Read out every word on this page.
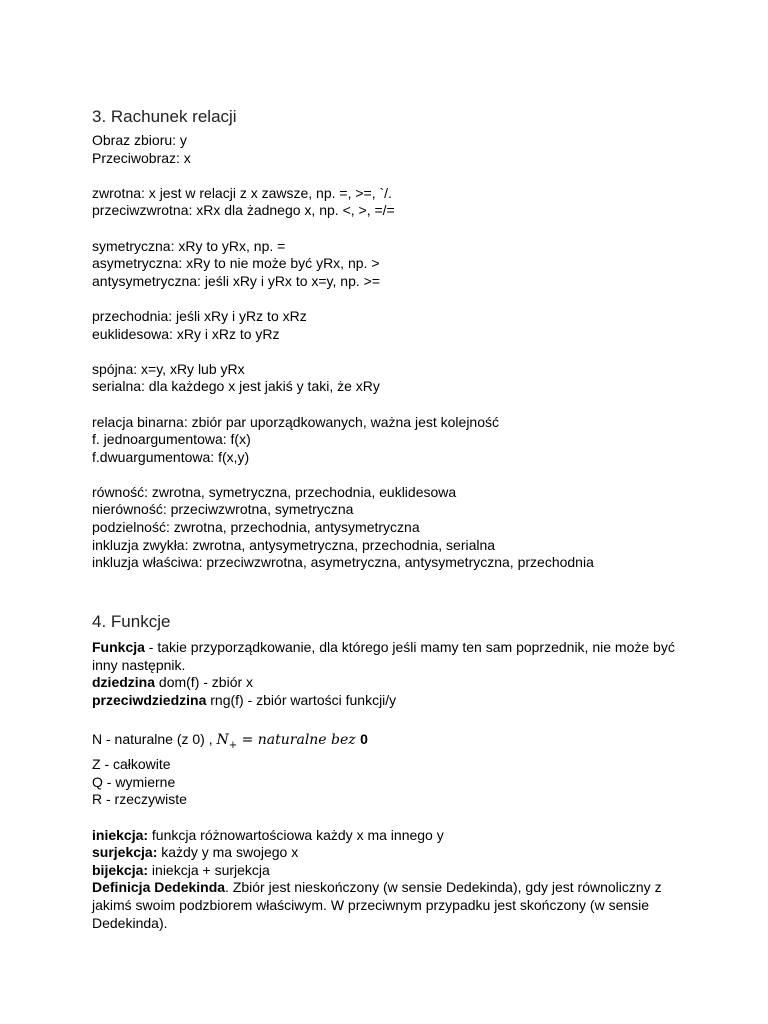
3. Rachunek relacji
Obraz zbioru: y
Przeciwobraz: x
zwrotna: x jest w relacji z x zawsze, np. =, >=, `/.
przeciwzwrotna: xRx dla żadnego x, np. <, >, =/=
symetryczna: xRy to yRx, np. =
asymetryczna: xRy to nie może być yRx, np. >
antysymetryczna: jeśli xRy i yRx to x=y, np. >=
przechodnia: jeśli xRy i yRz to xRz
euklidesowa: xRy i xRz to yRz
spójna: x=y, xRy lub yRx
serialna: dla każdego x jest jakiś y taki, że xRy
relacja binarna: zbiór par uporządkowanych, ważna jest kolejność
f. jednoargumentowa: f(x)
f.dwuargumentowa: f(x,y)
równość: zwrotna, symetryczna, przechodnia, euklidesowa
nierówność: przeciwzwrotna, symetryczna
podzielność: zwrotna, przechodnia, antysymetryczna
inkluzja zwykła: zwrotna, antysymetryczna, przechodnia, serialna
inkluzja właściwa: przeciwzwrotna, asymetryczna, antysymetryczna, przechodnia
4. Funkcje
Funkcja - takie przyporządkowanie, dla którego jeśli mamy ten sam poprzednik, nie może być inny następnik.
dziedzina dom(f) - zbiór x
przeciwdziedzina rng(f) - zbiór wartości funkcji/y
N - naturalne (z 0) , $N_+$ = naturalne bez 0
Z - całkowite
Q - wymierne
R - rzeczywiste
iniekcja: funkcja różnowartościowa każdy x ma innego y
surjekcja: każdy y ma swojego x
bijekcja: iniekcja + surjekcja
Definicja Dedekinda. Zbiór jest nieskończony (w sensie Dedekinda), gdy jest równoliczny z jakimś swoim podzbiorem właściwym. W przeciwnym przypadku jest skończony (w sensie Dedekinda).
